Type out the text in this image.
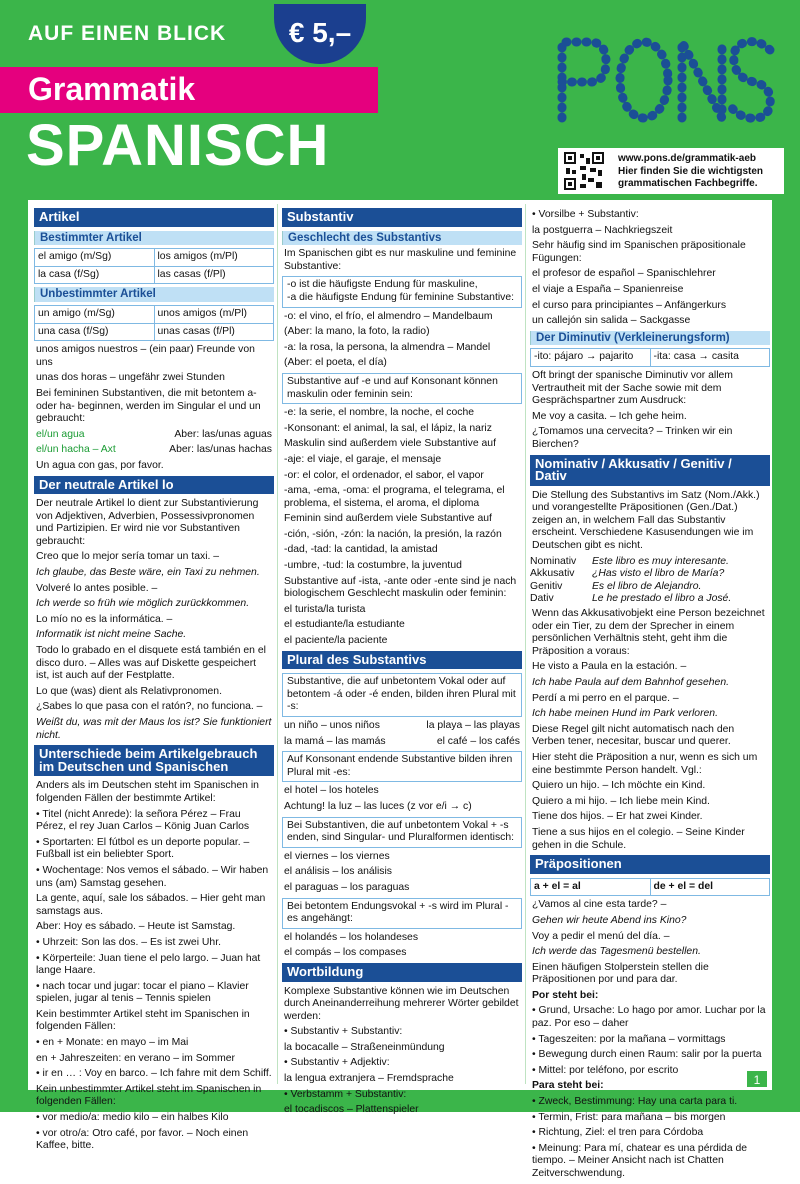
AUF EINEN BLICK	€ 5,–
Grammatik
SPANISCH	www.pons.de/grammatik-aeb
Hier finden Sie die wichtigsten
grammatischen Fachbegriffe.
Artikel
Bestimmter Artikel
el amigo (m/Sg)	los amigos (m/Pl)
la casa (f/Sg)	las casas (f/Pl)
Unbestimmter Artikel
un amigo (m/Sg)	unos amigos (m/Pl)
una casa (f/Sg)	unas casas (f/Pl)
unos amigos nuestros – (ein paar) Freunde von uns
unas dos horas – ungefähr zwei Stunden
Bei femininen Substantiven, die mit betontem a- oder ha- beginnen, werden im Singular el und un gebraucht:
el/un agua	Aber: las/unas aguas
el/un hacha – Axt	Aber: las/unas hachas
Un agua con gas, por favor.
Der neutrale Artikel lo
Der neutrale Artikel lo dient zur Substantivierung von Adjektiven, Adverbien, Possessivpronomen und Partizipien. Er wird nie vor Substantiven gebraucht:
Creo que lo mejor sería tomar un taxi. –
Ich glaube, das Beste wäre, ein Taxi zu nehmen.
Volveré lo antes posible. –
Ich werde so früh wie möglich zurückkommen.
Lo mío no es la informática. –
Informatik ist nicht meine Sache.
Todo lo grabado en el disquete está también en el disco duro. – Alles was auf Diskette gespeichert ist, ist auch auf der Festplatte.
Lo que (was) dient als Relativpronomen.
¿Sabes lo que pasa con el ratón?, no funciona. –
Weißt du, was mit der Maus los ist? Sie funktioniert nicht.
Unterschiede beim Artikelgebrauch im Deutschen und Spanischen
Anders als im Deutschen steht im Spanischen in folgenden Fällen der bestimmte Artikel:
• Titel (nicht Anrede): la señora Pérez – Frau Pérez, el rey Juan Carlos – König Juan Carlos
• Sportarten: El fútbol es un deporte popular. – Fußball ist ein beliebter Sport.
• Wochentage: Nos vemos el sábado. – Wir haben uns (am) Samstag gesehen.
La gente, aquí, sale los sábados. – Hier geht man samstags aus.
Aber: Hoy es sábado. – Heute ist Samstag.
• Uhrzeit: Son las dos. – Es ist zwei Uhr.
• Körperteile: Juan tiene el pelo largo. – Juan hat lange Haare.
• nach tocar und jugar: tocar el piano – Klavier spielen, jugar al tenis – Tennis spielen
Kein bestimmter Artikel steht im Spanischen in folgenden Fällen:
• en + Monate: en mayo – im Mai
en + Jahreszeiten: en verano – im Sommer
• ir en … : Voy en barco. – Ich fahre mit dem Schiff.
Kein unbestimmter Artikel steht im Spanischen in folgenden Fällen:
• vor medio/a: medio kilo – ein halbes Kilo
• vor otro/a: Otro café, por favor. – Noch einen Kaffee, bitte.
Substantiv
Geschlecht des Substantivs
Im Spanischen gibt es nur maskuline und feminine Substantive:
-o ist die häufigste Endung für maskuline,
-a die häufigste Endung für feminine Substantive:
-o: el vino, el frío, el almendro – Mandelbaum
(Aber: la mano, la foto, la radio)
-a: la rosa, la persona, la almendra – Mandel
(Aber: el poeta, el día)
Substantive auf -e und auf Konsonant können maskulin oder feminin sein:
-e: la serie, el nombre, la noche, el coche
-Konsonant: el animal, la sal, el lápiz, la nariz
Maskulin sind außerdem viele Substantive auf
-aje: el viaje, el garaje, el mensaje
-or: el color, el ordenador, el sabor, el vapor
-ama, -ema, -oma: el programa, el telegrama, el problema, el sistema, el aroma, el diploma
Feminin sind außerdem viele Substantive auf
-ción, -sión, -zón: la nación, la presión, la razón
-dad, -tad: la cantidad, la amistad
-umbre, -tud: la costumbre, la juventud
Substantive auf -ista, -ante oder -ente sind je nach biologischem Geschlecht maskulin oder feminin:
el turista/la turista
el estudiante/la estudiante
el paciente/la paciente
Plural des Substantivs
Substantive, die auf unbetontem Vokal oder auf betontem -á oder -é enden, bilden ihren Plural mit -s:
un niño – unos niños	la playa – las playas
la mamá – las mamás	el café – los cafés
Auf Konsonant endende Substantive bilden ihren Plural mit -es:
el hotel – los hoteles
Achtung! la luz – las luces (z vor e/i → c)
Bei Substantiven, die auf unbetontem Vokal + -s enden, sind Singular- und Pluralformen identisch:
el viernes – los viernes
el análisis – los análisis
el paraguas – los paraguas
Bei betontem Endungsvokal + -s wird im Plural -es angehängt:
el holandés – los holandeses
el compás – los compases
Wortbildung
Komplexe Substantive können wie im Deutschen durch Aneinanderreihung mehrerer Wörter gebildet werden:
• Substantiv + Substantiv:
la bocacalle – Straßeneinmündung
• Substantiv + Adjektiv:
la lengua extranjera – Fremdsprache
• Verbstamm + Substantiv:
el tocadiscos – Plattenspieler
• Vorsilbe + Substantiv:
la postguerra – Nachkriegszeit
Sehr häufig sind im Spanischen präpositionale Fügungen:
el profesor de español – Spanischlehrer
el viaje a España – Spanienreise
el curso para principiantes – Anfängerkurs
un callejón sin salida – Sackgasse
Der Diminutiv (Verkleinerungsform)
-ito: pájaro → pajarito	-ita: casa → casita
Oft bringt der spanische Diminutiv vor allem Vertrautheit mit der Sache sowie mit dem Gesprächspartner zum Ausdruck:
Me voy a casita. – Ich gehe heim.
¿Tomamos una cervecita? – Trinken wir ein Bierchen?
Nominativ / Akkusativ / Genitiv / Dativ
Die Stellung des Substantivs im Satz (Nom./Akk.) und vorangestellte Präpositionen (Gen./Dat.) zeigen an, in welchem Fall das Substantiv erscheint. Verschiedene Kasusendungen wie im Deutschen gibt es nicht.
Nominativ	Este libro es muy interesante.
Akkusativ	¿Has visto el libro de María?
Genitiv	Es el libro de Alejandro.
Dativ	Le he prestado el libro a José.
Wenn das Akkusativobjekt eine Person bezeichnet oder ein Tier, zu dem der Sprecher in einem persönlichen Verhältnis steht, geht ihm die Präposition a voraus:
He visto a Paula en la estación. –
Ich habe Paula auf dem Bahnhof gesehen.
Perdí a mi perro en el parque. –
Ich habe meinen Hund im Park verloren.
Diese Regel gilt nicht automatisch nach den Verben tener, necesitar, buscar und querer.
Hier steht die Präposition a nur, wenn es sich um eine bestimmte Person handelt. Vgl.:
Quiero un hijo. – Ich möchte ein Kind.
Quiero a mi hijo. – Ich liebe mein Kind.
Tiene dos hijos. – Er hat zwei Kinder.
Tiene a sus hijos en el colegio. – Seine Kinder gehen in die Schule.
Präpositionen
a + el = al	de + el = del
¿Vamos al cine esta tarde? –
Gehen wir heute Abend ins Kino?
Voy a pedir el menú del día. –
Ich werde das Tagesmenü bestellen.
Einen häufigen Stolperstein stellen die Präpositionen por und para dar.
Por steht bei:
• Grund, Ursache: Lo hago por amor. Luchar por la paz. Por eso – daher
• Tageszeiten: por la mañana – vormittags
• Bewegung durch einen Raum: salir por la puerta
• Mittel: por teléfono, por escrito
Para steht bei:
• Zweck, Bestimmung: Hay una carta para ti.
• Termin, Frist: para mañana – bis morgen
• Richtung, Ziel: el tren para Córdoba
• Meinung: Para mí, chatear es una pérdida de tiempo. – Meiner Ansicht nach ist Chatten Zeitverschwendung.
1
